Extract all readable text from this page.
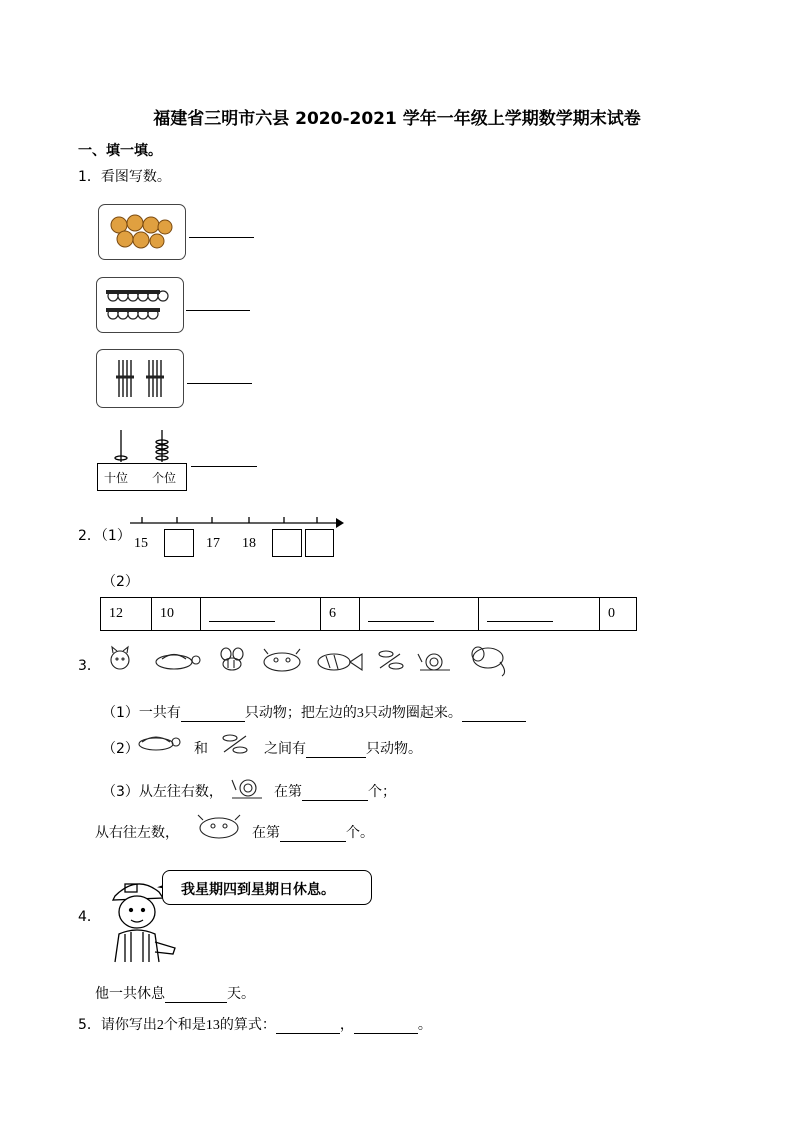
福建省三明市六县 2020-2021 学年一年级上学期数学期末试卷
一、填一填。
1．看图写数。
十位 个位
2．（1） 15	17 18
（2）
12	10		6			0
3．
（1）一共有	只动物；把左边的3只动物圈起来。
（2）	和	之间有	只动物。
（3）从左往右数，	在第	个；
从右往左数，	在第	个。
4．
我星期四到星期日休息。
他一共休息	天。
5．请你写出2个和是13的算式：	，	。
